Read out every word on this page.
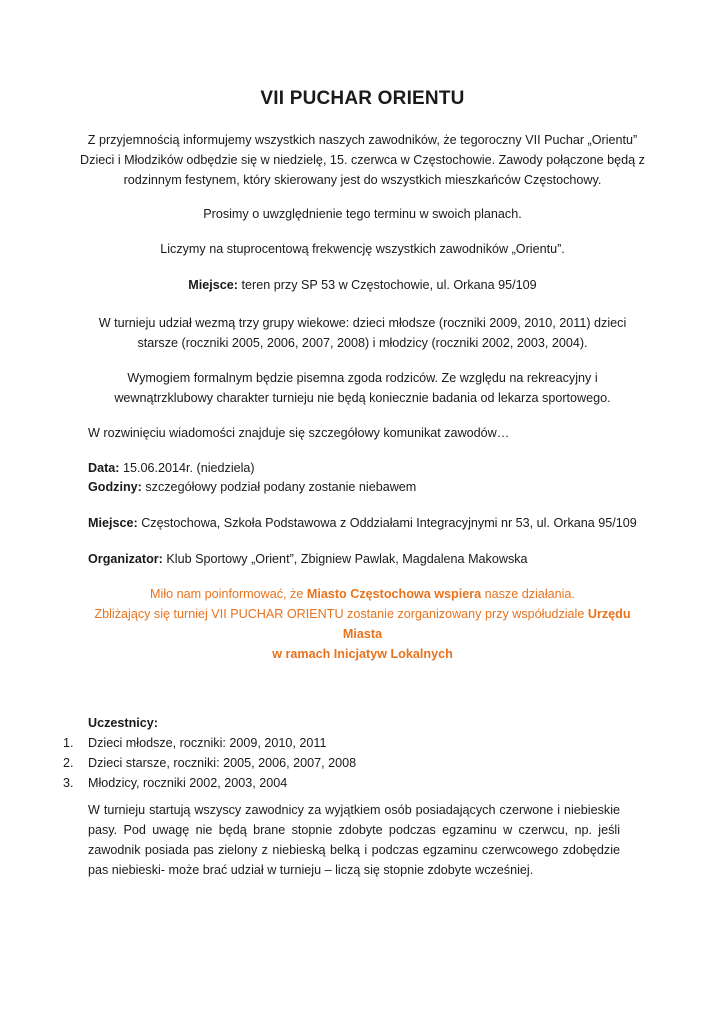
VII PUCHAR ORIENTU
Z przyjemnością informujemy wszystkich naszych zawodników, że tegoroczny VII Puchar „Orientu” Dzieci i Młodzików odbędzie się w niedzielę, 15. czerwca w Częstochowie. Zawody połączone będą z rodzinnym festynem, który skierowany jest do wszystkich mieszkańców Częstochowy.
Prosimy o uwzględnienie tego terminu w swoich planach.
Liczymy na stuprocentową frekwencję wszystkich zawodników „Orientu”.
Miejsce: teren przy SP 53 w Częstochowie, ul. Orkana 95/109
W turnieju udział wezmą trzy grupy wiekowe: dzieci młodsze (roczniki 2009, 2010, 2011) dzieci starsze (roczniki 2005, 2006, 2007, 2008) i młodzicy (roczniki 2002, 2003, 2004).
Wymogiem formalnym będzie pisemna zgoda rodziców. Ze względu na rekreacyjny i wewnątrzklubowy charakter turnieju nie będą koniecznie badania od lekarza sportowego.
W rozwinięciu wiadomości znajduje się szczegółowy komunikat zawodów…
Data: 15.06.2014r. (niedziela)
Godziny: szczegółowy podział podany zostanie niebawem
Miejsce: Częstochowa, Szkoła Podstawowa z Oddziałami Integracyjnymi nr 53, ul. Orkana 95/109
Organizator: Klub Sportowy „Orient”, Zbigniew Pawlak, Magdalena Makowska
Miło nam poinformować, że Miasto Częstochowa wspiera nasze działania.
Zbliżający się turniej VII PUCHAR ORIENTU zostanie zorganizowany przy współudziale Urzędu Miasta
w ramach Inicjatyw Lokalnych
Uczestnicy:
1.	Dzieci młodsze, roczniki: 2009, 2010, 2011
2.	Dzieci starsze, roczniki: 2005, 2006, 2007, 2008
3.	Młodzicy, roczniki 2002, 2003, 2004
W turnieju startują wszyscy zawodnicy za wyjątkiem osób posiadających czerwone i niebieskie pasy. Pod uwagę nie będą brane stopnie zdobyte podczas egzaminu w czerwcu, np. jeśli zawodnik posiada pas zielony z niebieską belką i podczas egzaminu czerwcowego zdobędzie pas niebieski- może brać udział w turnieju – liczą się stopnie zdobyte wcześniej.
